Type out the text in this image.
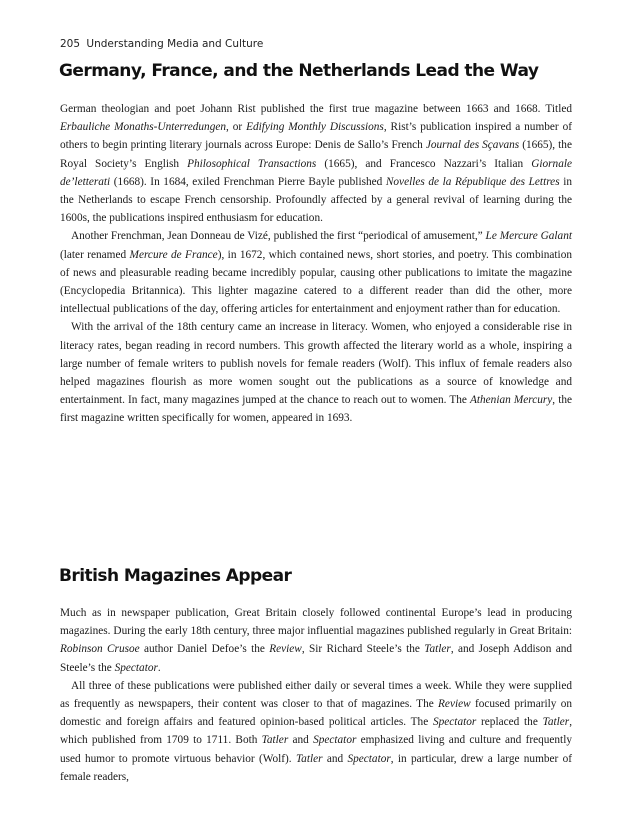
205 Understanding Media and Culture
Germany, France, and the Netherlands Lead the Way

German theologian and poet Johann Rist published the first true magazine between 1663 and 1668. Titled Erbauliche Monaths-Unterredungen, or Edifying Monthly Discussions, Rist’s publication inspired a number of others to begin printing literary journals across Europe: Denis de Sallo’s French Journal des Sçavans (1665), the Royal Society’s English Philosophical Transactions (1665), and Francesco Nazzari’s Italian Giornale de’letterati (1668). In 1684, exiled Frenchman Pierre Bayle published Novelles de la République des Lettres in the Netherlands to escape French censorship. Profoundly affected by a general revival of learning during the 1600s, the publications inspired enthusiasm for education.

Another Frenchman, Jean Donneau de Vizé, published the first “periodical of amusement,” Le Mercure Galant (later renamed Mercure de France), in 1672, which contained news, short stories, and poetry. This combination of news and pleasurable reading became incredibly popular, causing other publications to imitate the magazine (Encyclopedia Britannica). This lighter magazine catered to a different reader than did the other, more intellectual publications of the day, offering articles for entertainment and enjoyment rather than for education.

With the arrival of the 18th century came an increase in literacy. Women, who enjoyed a considerable rise in literacy rates, began reading in record numbers. This growth affected the literary world as a whole, inspiring a large number of female writers to publish novels for female readers (Wolf). This influx of female readers also helped magazines flourish as more women sought out the publications as a source of knowledge and entertainment. In fact, many magazines jumped at the chance to reach out to women. The Athenian Mercury, the first magazine written specifically for women, appeared in 1693.

British Magazines Appear

Much as in newspaper publication, Great Britain closely followed continental Europe’s lead in producing magazines. During the early 18th century, three major influential magazines published regularly in Great Britain: Robinson Crusoe author Daniel Defoe’s the Review, Sir Richard Steele’s the Tatler, and Joseph Addison and Steele’s the Spectator.

All three of these publications were published either daily or several times a week. While they were supplied as frequently as newspapers, their content was closer to that of magazines. The Review focused primarily on domestic and foreign affairs and featured opinion-based political articles. The Spectator replaced the Tatler, which published from 1709 to 1711. Both Tatler and Spectator emphasized living and culture and frequently used humor to promote virtuous behavior (Wolf). Tatler and Spectator, in particular, drew a large number of female readers,
